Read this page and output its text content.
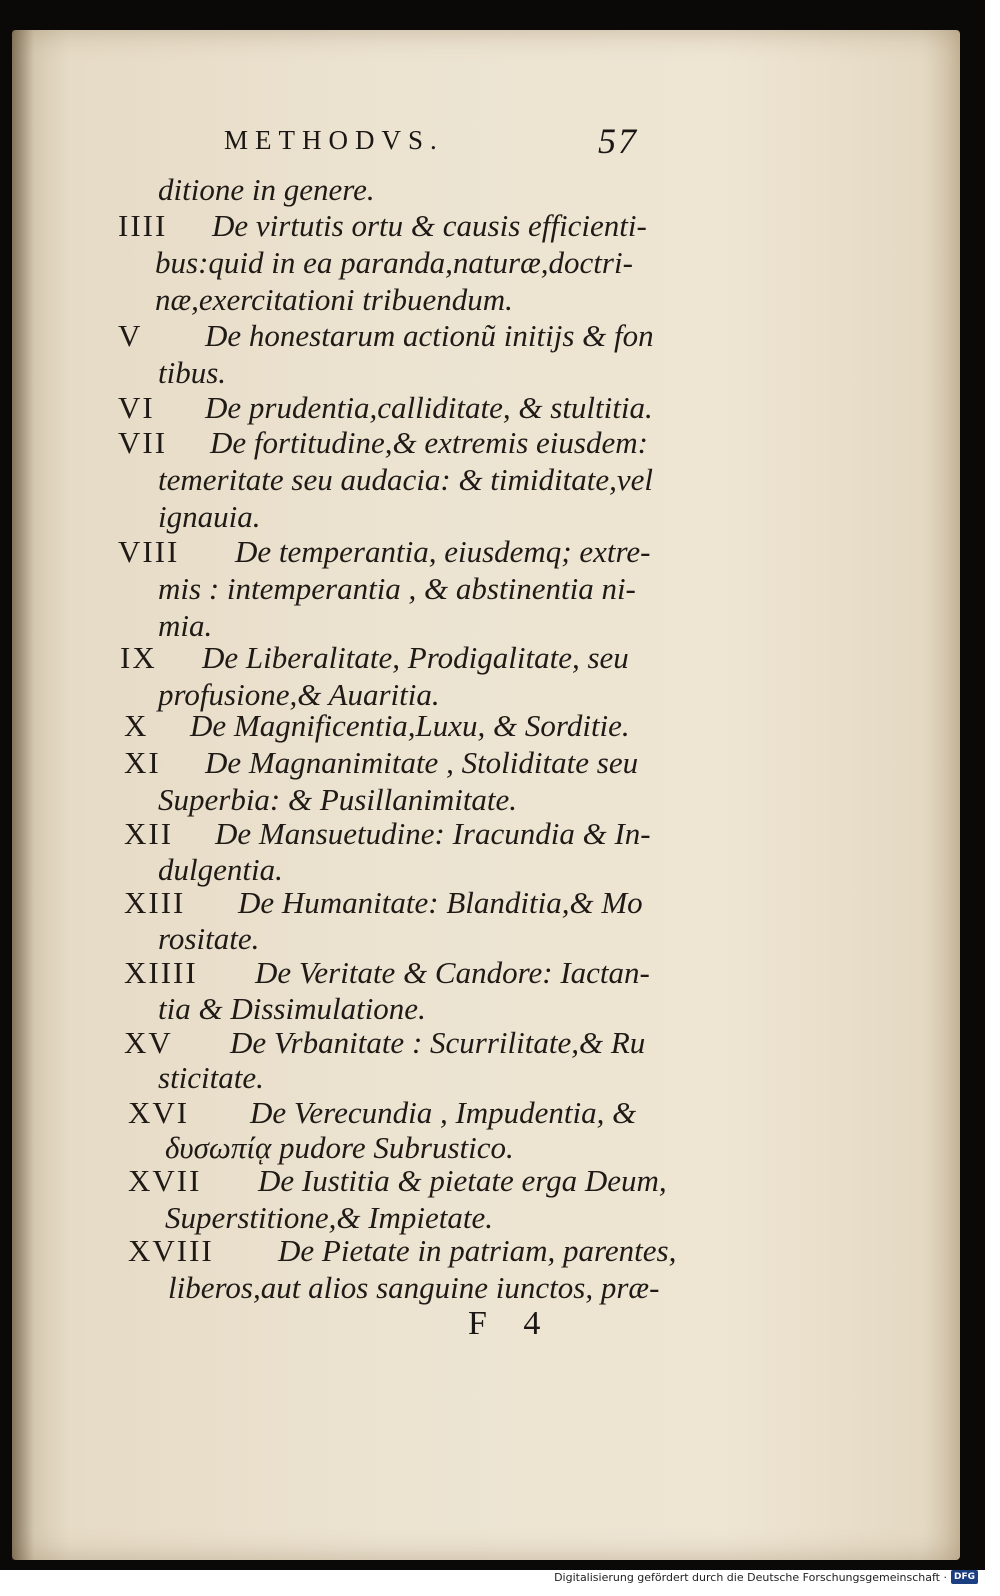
METHODVS.	57
ditione in genere.
IIII De virtutis ortu & causis efficienti-
bus:quid in ea paranda,naturæ,doctri-
næ,exercitationi tribuendum.
V De honestarum actionũ initijs & fon
tibus.
VI De prudentia,calliditate, & stultitia.
VII De fortitudine,& extremis eiusdem:
temeritate seu audacia: & timiditate,vel
ignauia.
VIII De temperantia, eiusdemq; extre-
mis : intemperantia , & abstinentia ni-
mia.
IX De Liberalitate, Prodigalitate, seu
profusione,& Auaritia.
X De Magnificentia,Luxu, & Sorditie.
XI De Magnanimitate , Stoliditate seu
Superbia: & Pusillanimitate.
XII De Mansuetudine: Iracundia & In-
dulgentia.
XIII De Humanitate: Blanditia,& Mo
rositate.
XIIII De Veritate & Candore: Iactan-
tia & Dissimulatione.
XV De Vrbanitate : Scurrilitate,& Ru
sticitate.
XVI De Verecundia , Impudentia, &
δυσωπίᾳ pudore Subrustico.
XVII De Iustitia & pietate erga Deum,
Superstitione,& Impietate.
XVIII De Pietate in patriam, parentes,
liberos,aut alios sanguine iunctos, præ-
F 4
Digitalisierung gefördert durch die Deutsche Forschungsgemeinschaft · DFG
